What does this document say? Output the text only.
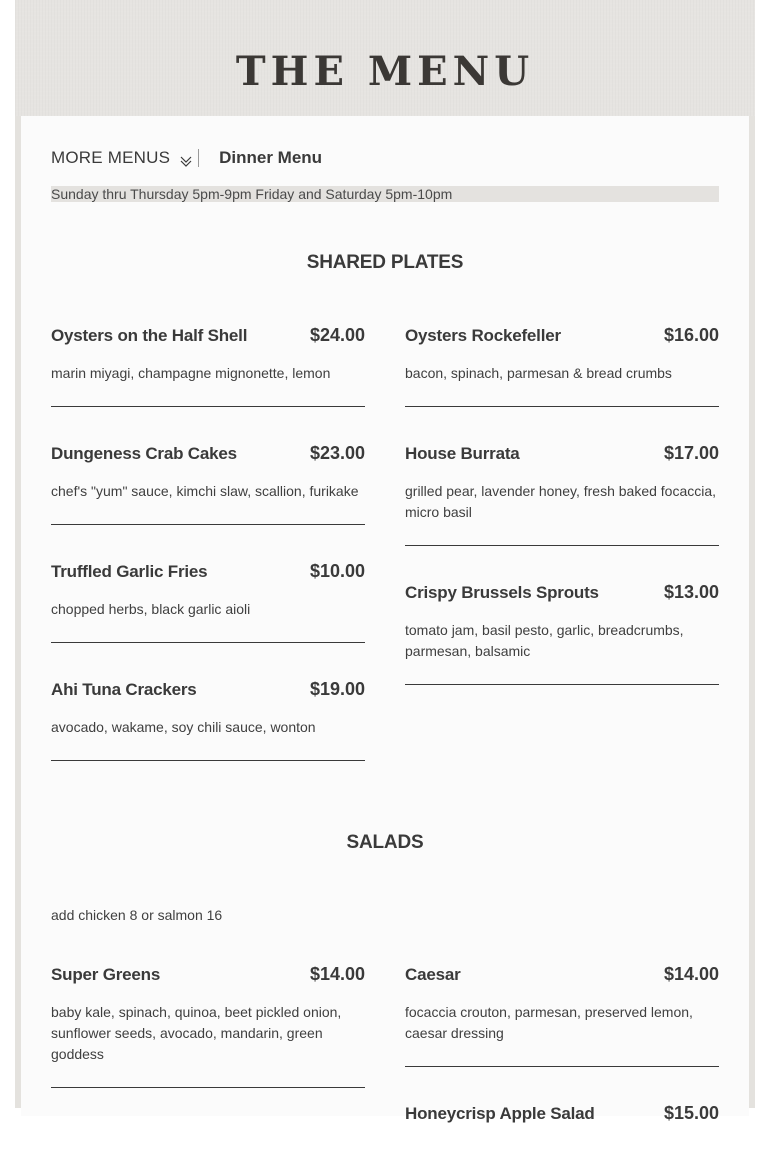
THE MENU
MORE MENUS	Dinner Menu
Sunday thru Thursday 5pm-9pm Friday and Saturday 5pm-10pm
SHARED PLATES
Oysters on the Half Shell	$24.00
marin miyagi, champagne mignonette, lemon
Dungeness Crab Cakes	$23.00
chef's "yum" sauce, kimchi slaw, scallion, furikake
Truffled Garlic Fries	$10.00
chopped herbs, black garlic aioli
Ahi Tuna Crackers	$19.00
avocado, wakame, soy chili sauce, wonton
Oysters Rockefeller	$16.00
bacon, spinach, parmesan & bread crumbs
House Burrata	$17.00
grilled pear, lavender honey, fresh baked focaccia, micro basil
Crispy Brussels Sprouts	$13.00
tomato jam, basil pesto, garlic, breadcrumbs, parmesan, balsamic
SALADS
add chicken 8 or salmon 16
Super Greens	$14.00
baby kale, spinach, quinoa, beet pickled onion, sunflower seeds, avocado, mandarin, green goddess
Caesar	$14.00
focaccia crouton, parmesan, preserved lemon, caesar dressing
Honeycrisp Apple Salad	$15.00
